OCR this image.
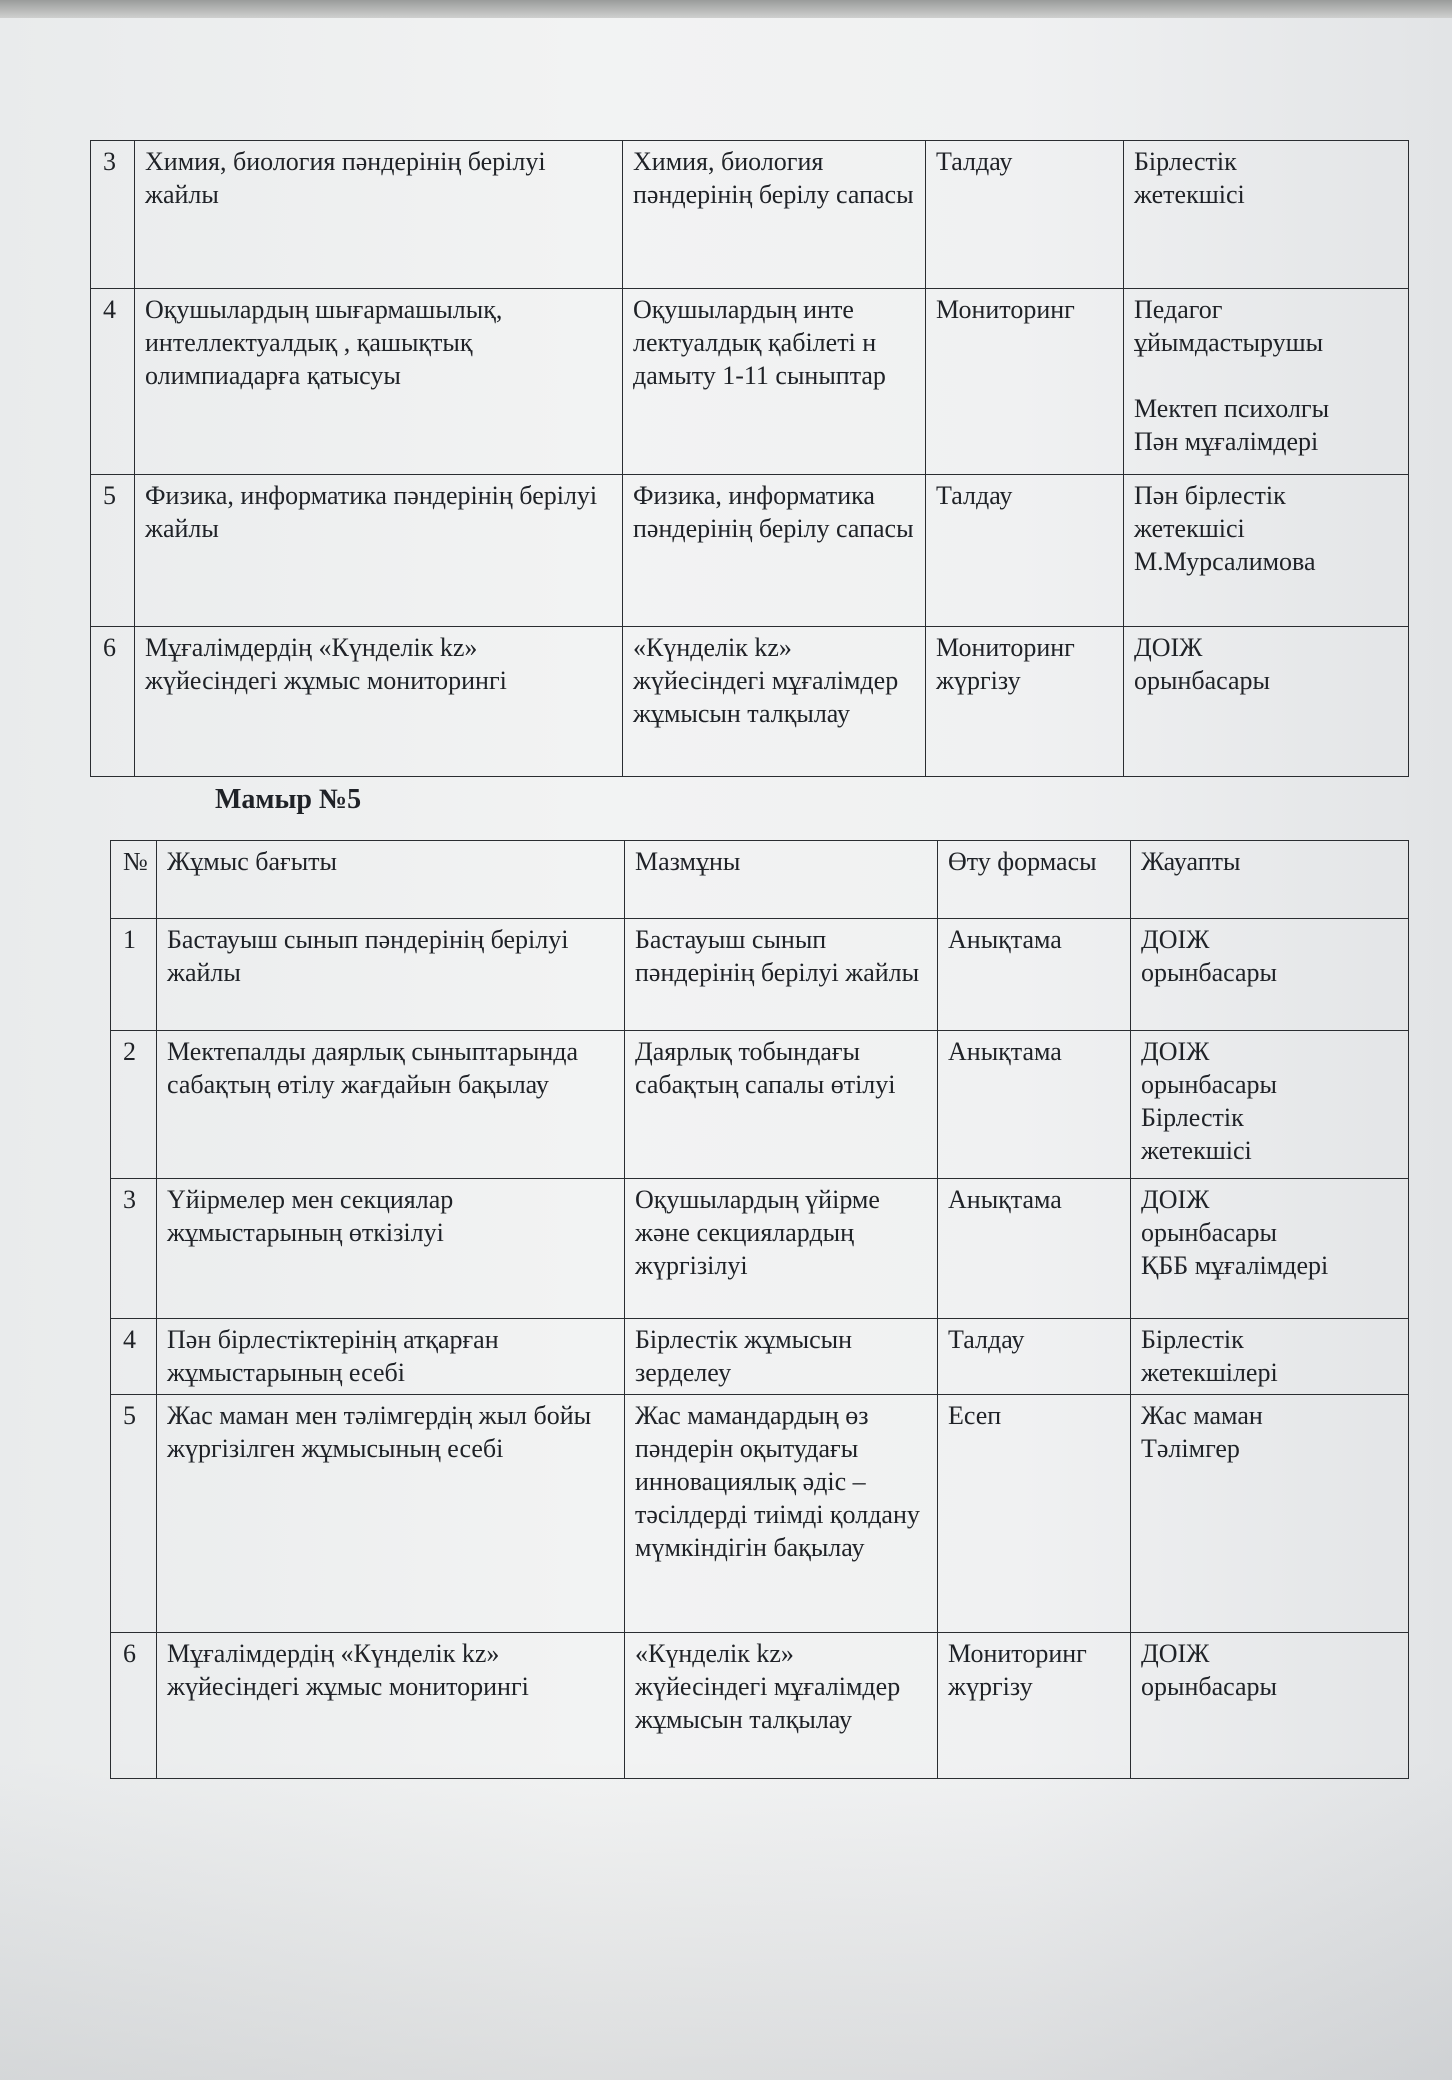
3	Химия, биология пәндерінің берілуі жайлы	Химия, биология пәндерінің берілу сапасы	Талдау	Бірлестік
жетекшісі

4	Оқушылардың шығармашылық, интеллектуалдық , қашықтық олимпиадарға қатысуы	Оқушылардың инте лектуалдық қабілеті н дамыту 1-11 сыныптар	Мониторинг	Педагог
ұйымдастырушы
Мектеп психолгы
Пән мұғалімдері

5	Физика, информатика пәндерінің берілуі жайлы	Физика, информатика пәндерінің берілу сапасы	Талдау	Пән бірлестік
жетекшісі
М.Мурсалимова

6	Мұғалімдердің «Күнделік kz» жүйесіндегі жұмыс мониторингі	«Күнделік kz» жүйесіндегі мұғалімдер жұмысын талқылау	Мониторинг жүргізу	ДОІЖ
орынбасары
Мамыр №5
№	Жұмыс бағыты	Мазмұны	Өту формасы	Жауапты
1	Бастауыш сынып пәндерінің берілуі жайлы	Бастауыш сынып пәндерінің берілуі жайлы	Анықтама	ДОІЖ
орынбасары

2	Мектепалды даярлық сыныптарында сабақтың өтілу жағдайын бақылау	Даярлық тобындағы сабақтың сапалы өтілуі	Анықтама	ДОІЖ
орынбасары
Бірлестік
жетекшісі

3	Үйірмелер мен секциялар жұмыстарының өткізілуі	Оқушылардың үйірме және секциялардың жүргізілуі	Анықтама	ДОІЖ
орынбасары
ҚББ мұғалімдері

4	Пән бірлестіктерінің атқарған жұмыстарының есебі	Бірлестік жұмысын зерделеу	Талдау	Бірлестік
жетекшілері

5	Жас маман мен тәлімгердің жыл бойы жүргізілген жұмысының есебі	Жас мамандардың өз пәндерін оқытудағы инновациялық әдіс – тәсілдерді тиімді қолдану мүмкіндігін бақылау	Есеп	Жас маман
Тәлімгер

6	Мұғалімдердің «Күнделік kz» жүйесіндегі жұмыс мониторингі	«Күнделік kz» жүйесіндегі мұғалімдер жұмысын талқылау	Мониторинг жүргізу	ДОІЖ
орынбасары
